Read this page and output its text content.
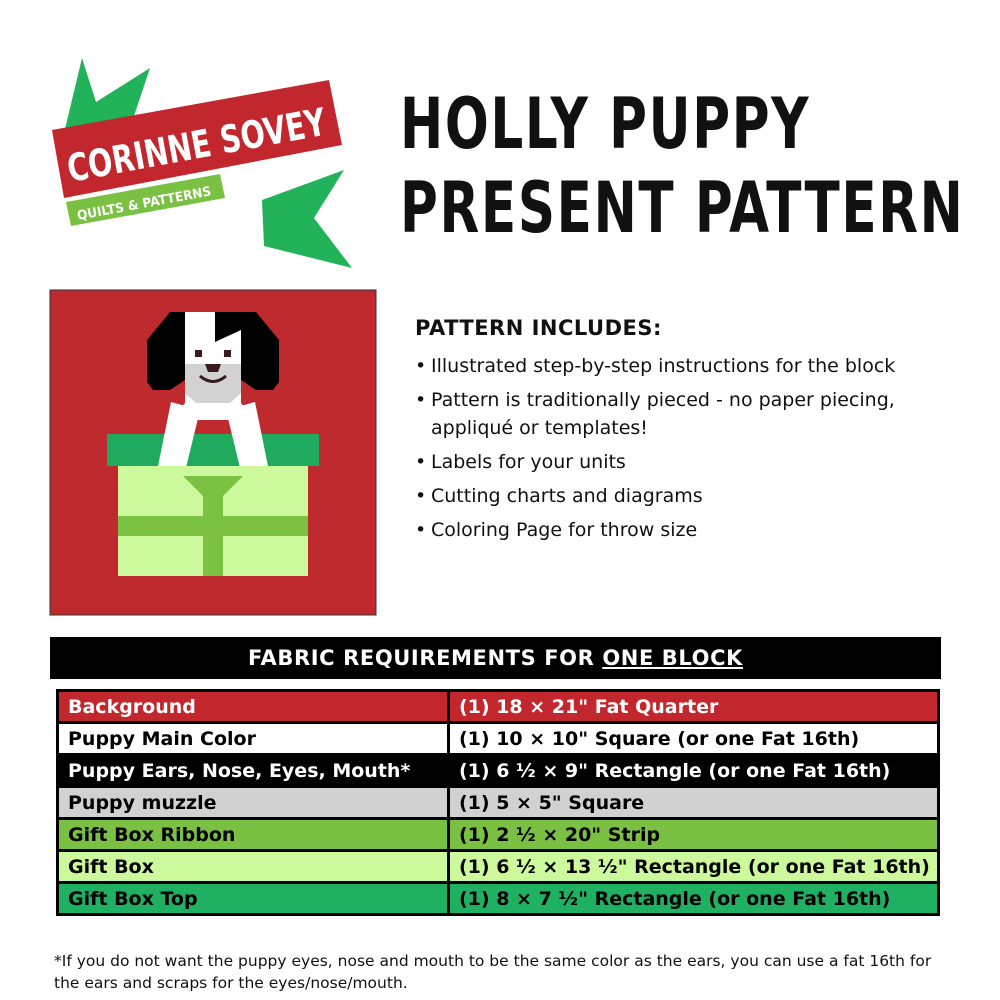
CORINNE SOVEY
QUILTS & PATTERNS
HOLLY PUPPY
PRESENT PATTERN

PATTERN INCLUDES:

• Illustrated step-by-step instructions for the block
• Pattern is traditionally pieced - no paper piecing,
appliqué or templates!
• Labels for your units
• Cutting charts and diagrams
• Coloring Page for throw size
FABRIC REQUIREMENTS FOR ONE BLOCK
Background	(1) 18 × 21" Fat Quarter
Puppy Main Color	(1) 10 × 10" Square (or one Fat 16th)
Puppy Ears, Nose, Eyes, Mouth*	(1) 6 ½ × 9" Rectangle (or one Fat 16th)
Puppy muzzle	(1) 5 × 5" Square
Gift Box Ribbon	(1) 2 ½ × 20" Strip
Gift Box	(1) 6 ½ × 13 ½" Rectangle (or one Fat 16th)
Gift Box Top	(1) 8 × 7 ½" Rectangle (or one Fat 16th)

*If you do not want the puppy eyes, nose and mouth to be the same color as the ears, you can use a fat 16th for the ears and scraps for the eyes/nose/mouth.
